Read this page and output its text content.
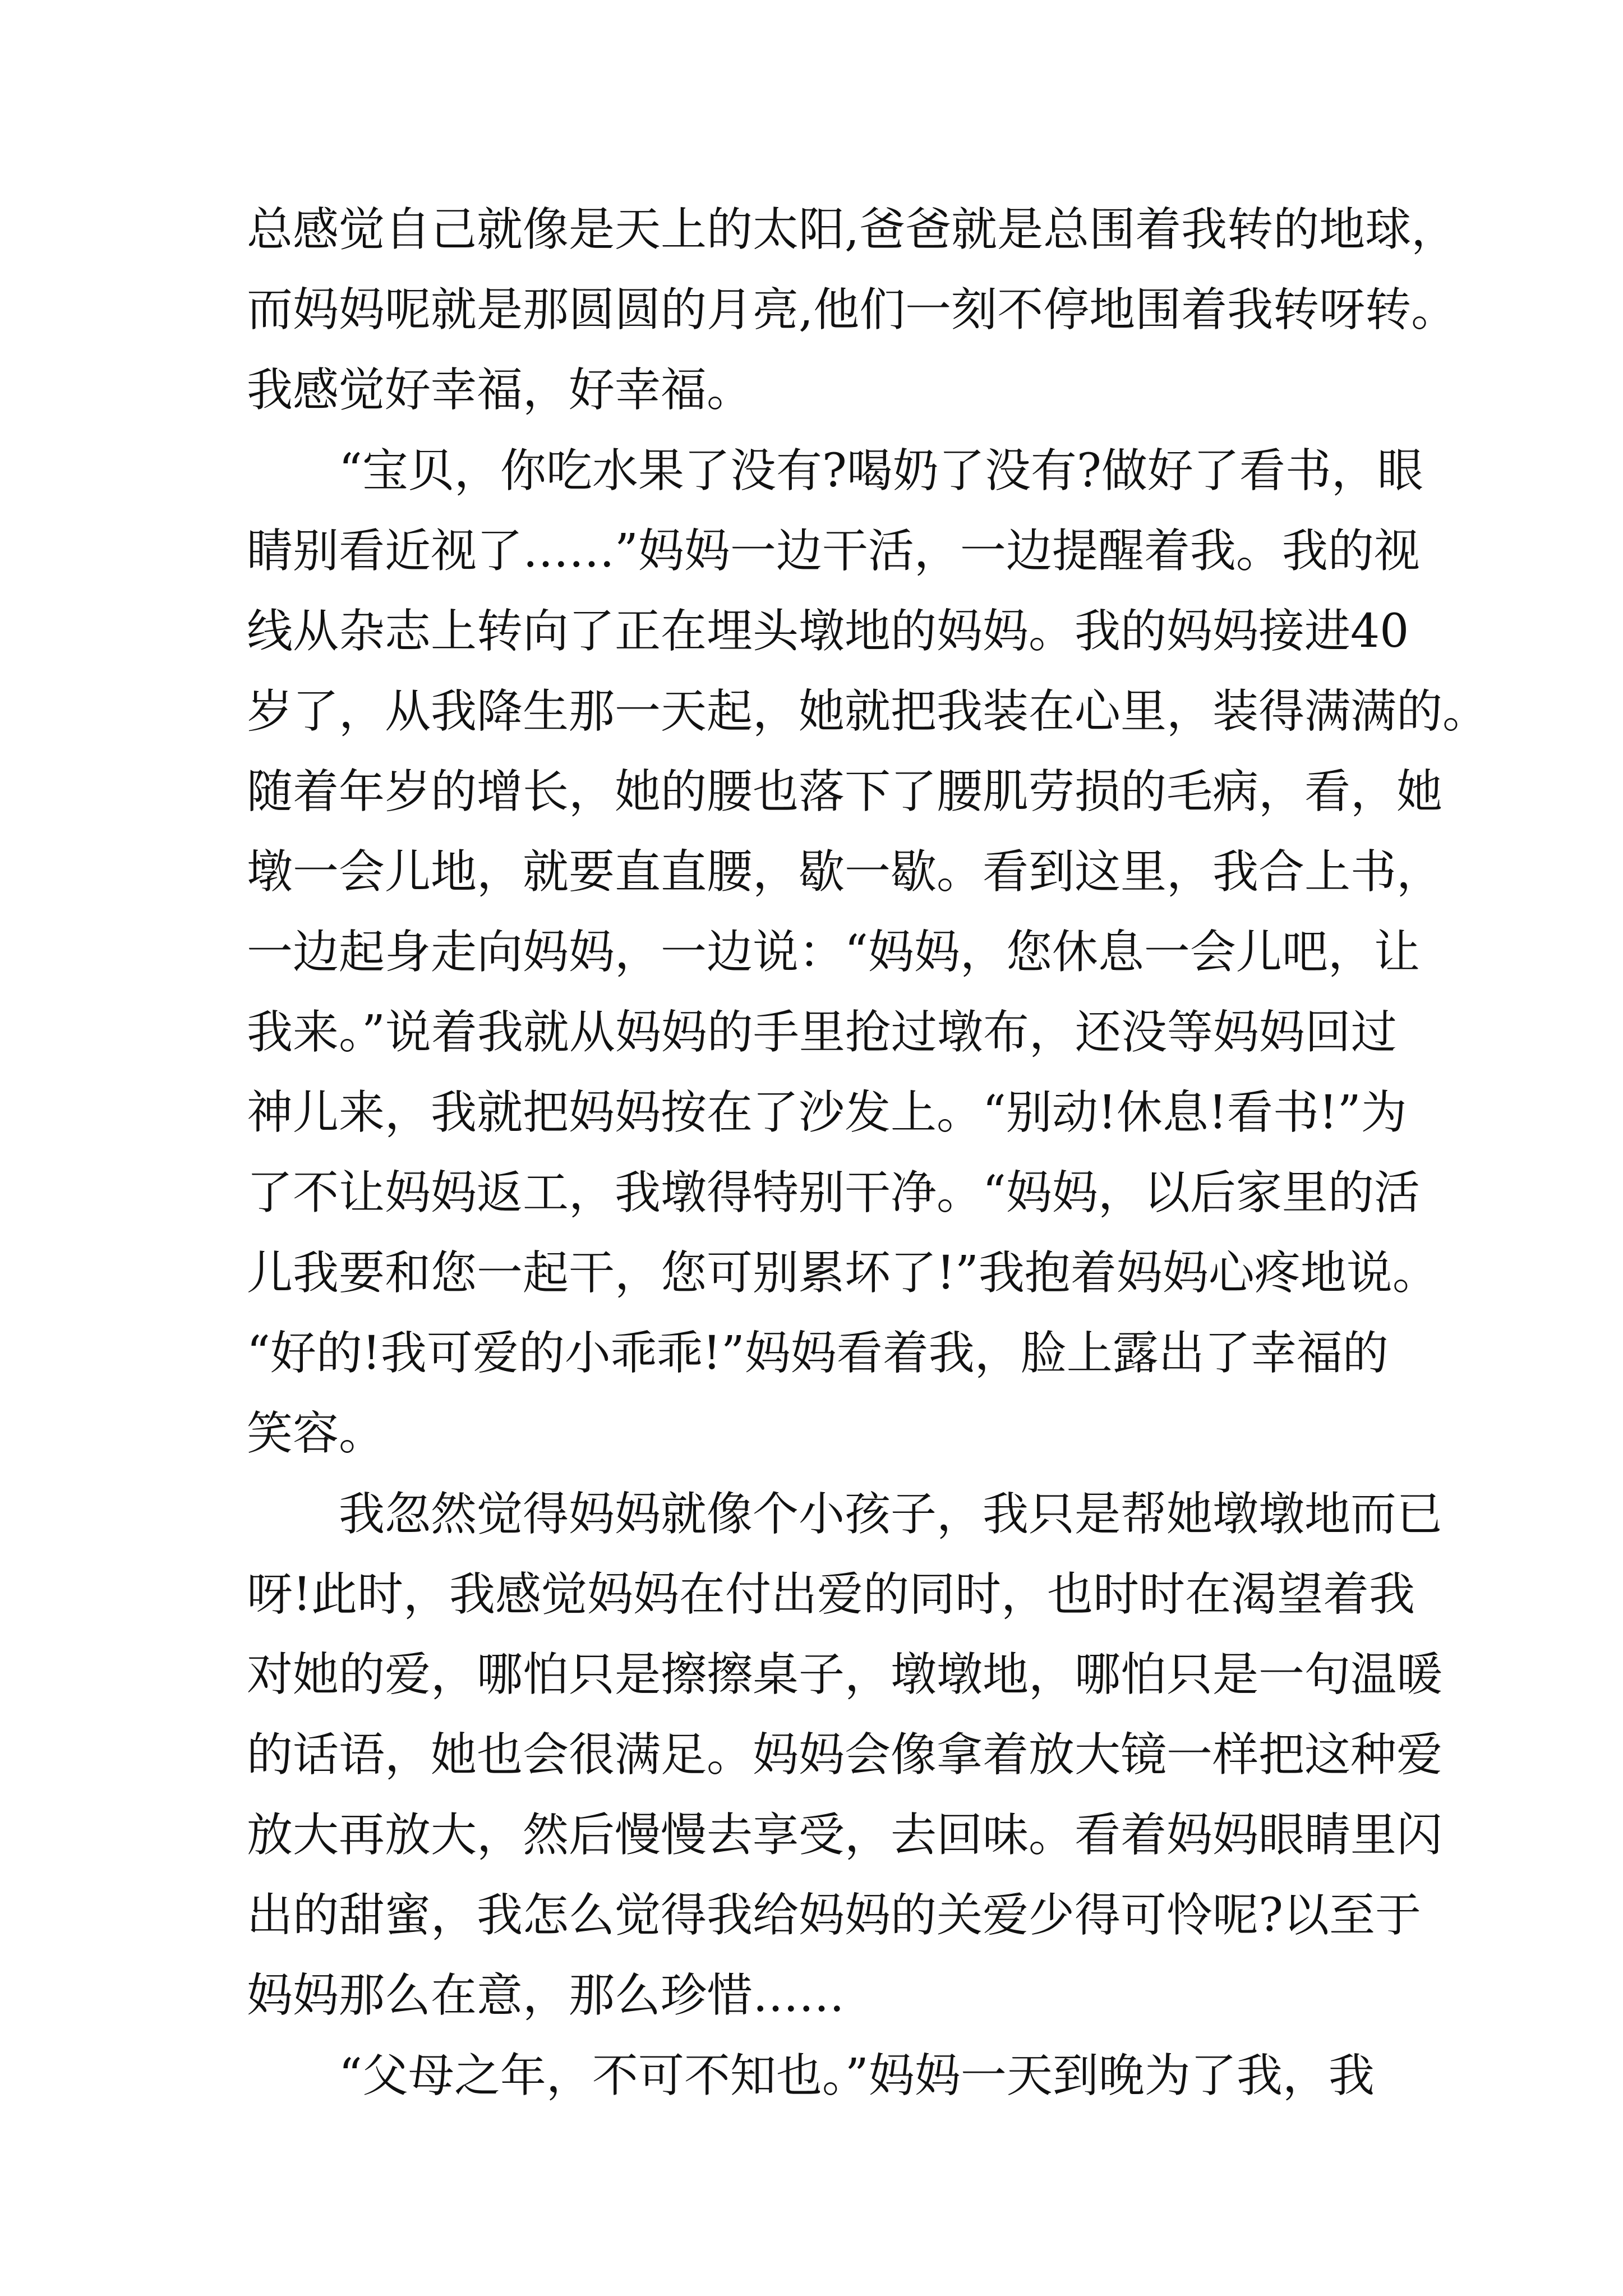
总感觉自己就像是天上的太阳,爸爸就是总围着我转的地球，
而妈妈呢就是那圆圆的月亮,他们一刻不停地围着我转呀转。
我感觉好幸福，好幸福。
“宝贝，你吃水果了没有?喝奶了没有?做好了看书，眼
睛别看近视了……”妈妈一边干活，一边提醒着我。我的视
线从杂志上转向了正在埋头墩地的妈妈。我的妈妈接进40
岁了，从我降生那一天起，她就把我装在心里，装得满满的。
随着年岁的增长，她的腰也落下了腰肌劳损的毛病，看，她
墩一会儿地，就要直直腰，歇一歇。看到这里，我合上书，
一边起身走向妈妈，一边说：“妈妈，您休息一会儿吧，让
我来。”说着我就从妈妈的手里抢过墩布，还没等妈妈回过
神儿来，我就把妈妈按在了沙发上。“别动!休息!看书!”为
了不让妈妈返工，我墩得特别干净。“妈妈，以后家里的活
儿我要和您一起干，您可别累坏了!”我抱着妈妈心疼地说。
“好的!我可爱的小乖乖!”妈妈看着我，脸上露出了幸福的
笑容。
我忽然觉得妈妈就像个小孩子，我只是帮她墩墩地而已
呀!此时，我感觉妈妈在付出爱的同时，也时时在渴望着我
对她的爱，哪怕只是擦擦桌子，墩墩地，哪怕只是一句温暖
的话语，她也会很满足。妈妈会像拿着放大镜一样把这种爱
放大再放大，然后慢慢去享受，去回味。看着妈妈眼睛里闪
出的甜蜜，我怎么觉得我给妈妈的关爱少得可怜呢?以至于
妈妈那么在意，那么珍惜……
“父母之年，不可不知也。”妈妈一天到晚为了我，我
